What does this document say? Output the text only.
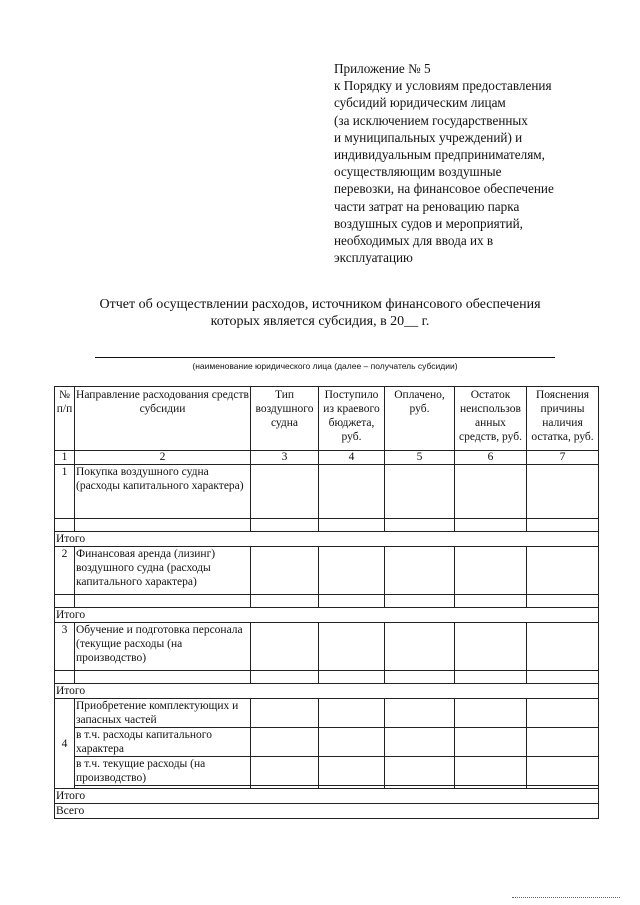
Приложение № 5
к Порядку и условиям предоставления
субсидий юридическим лицам
(за исключением государственных
и муниципальных учреждений) и
индивидуальным предпринимателям,
осуществляющим воздушные
перевозки, на финансовое обеспечение
части затрат на реновацию парка
воздушных судов и мероприятий,
необходимых для ввода их в
эксплуатацию
Отчет об осуществлении расходов, источником финансового обеспечения
которых является субсидия, в 20__ г.
(наименование юридического лица (далее – получатель субсидии)
№ п/п	Направление расходования средств субсидии	Тип воздушного судна	Поступило из краевого бюджета, руб.	Оплачено, руб.	Остаток неиспользов анных средств, руб.	Пояснения причины наличия остатка, руб.
1	2	3	4	5	6	7
1	Покупка воздушного судна (расходы капитального характера)					

Итого						
2	Финансовая аренда (лизинг) воздушного судна (расходы капитального характера)					

Итого						
3	Обучение и подготовка персонала (текущие расходы (на производство)					

Итого						
4	Приобретение комплектующих и запасных частей					
	в т.ч. расходы капитального характера					
	в т.ч. текущие расходы (на производство)					

Итого						
Всего						
